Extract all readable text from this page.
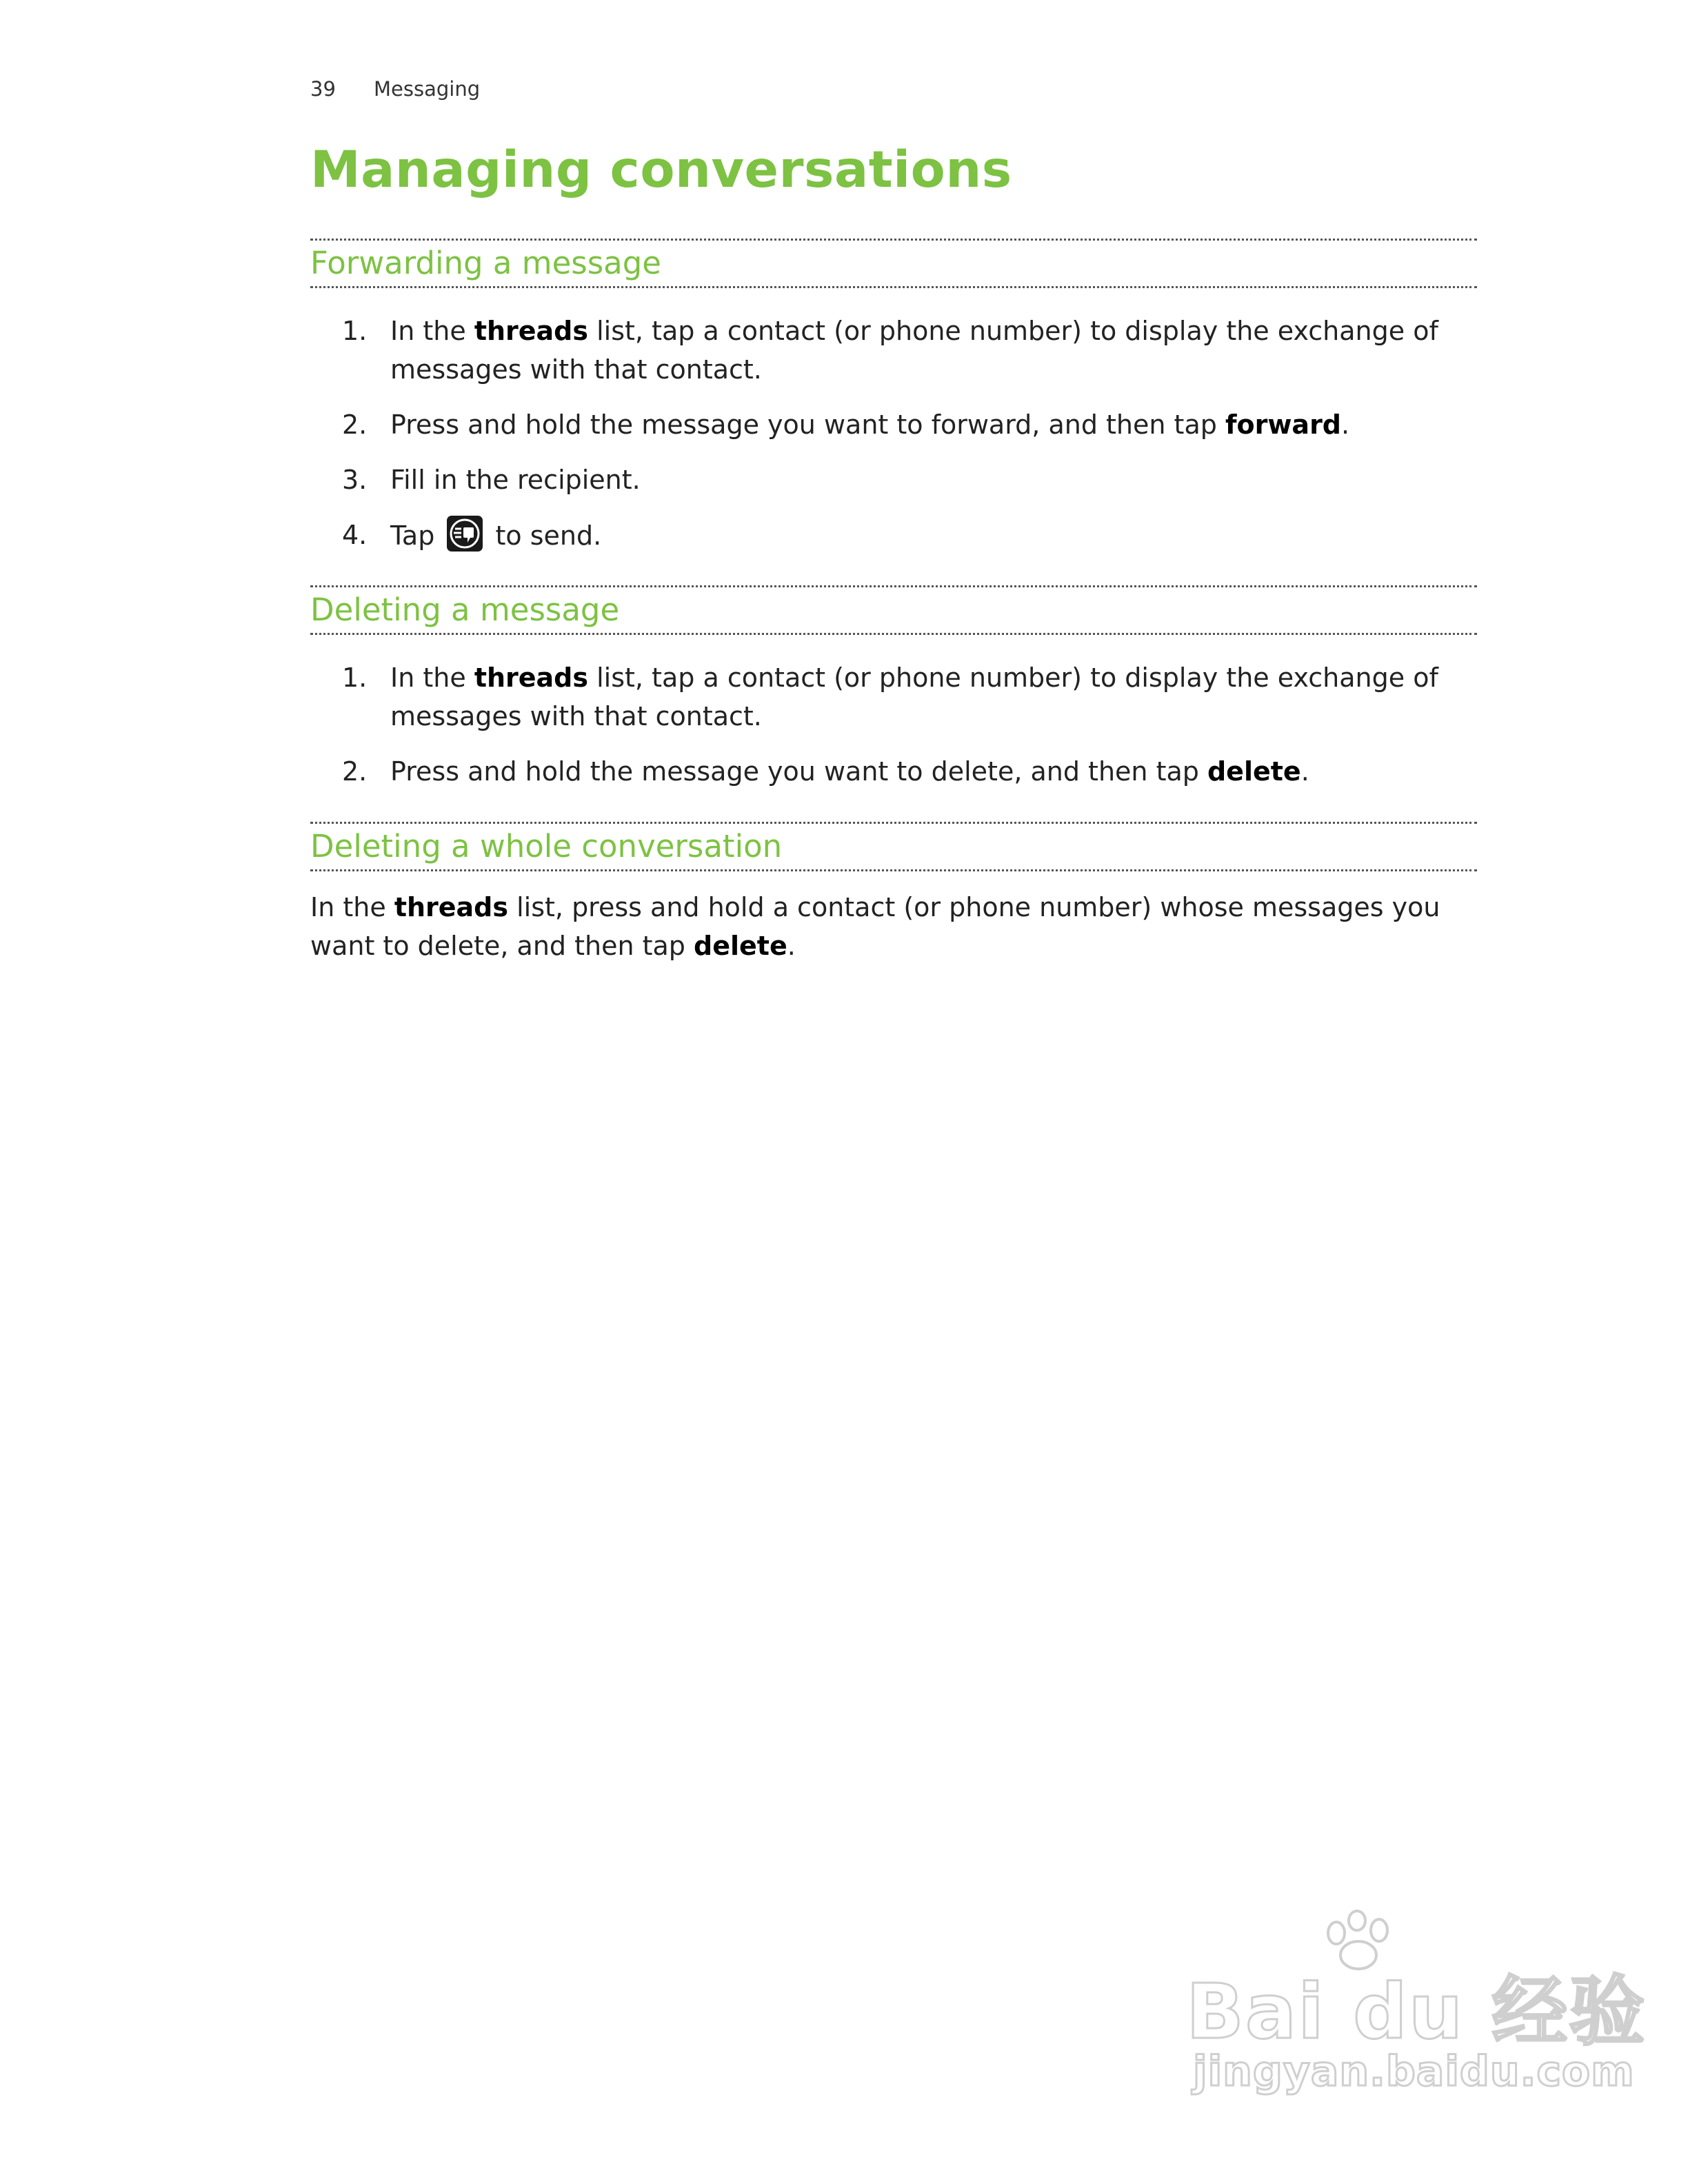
39 Messaging
Managing conversations
Forwarding a message
1. In the threads list, tap a contact (or phone number) to display the exchange of messages with that contact.
2. Press and hold the message you want to forward, and then tap forward.
3. Fill in the recipient.
4. Tap
to send.
Deleting a message
1. In the threads list, tap a contact (or phone number) to display the exchange of messages with that contact.
2. Press and hold the message you want to delete, and then tap delete.
Deleting a whole conversation

In the threads list, press and hold a contact (or phone number) whose messages you want to delete, and then tap delete.

Bai du 经验
jingyan.baidu.com
